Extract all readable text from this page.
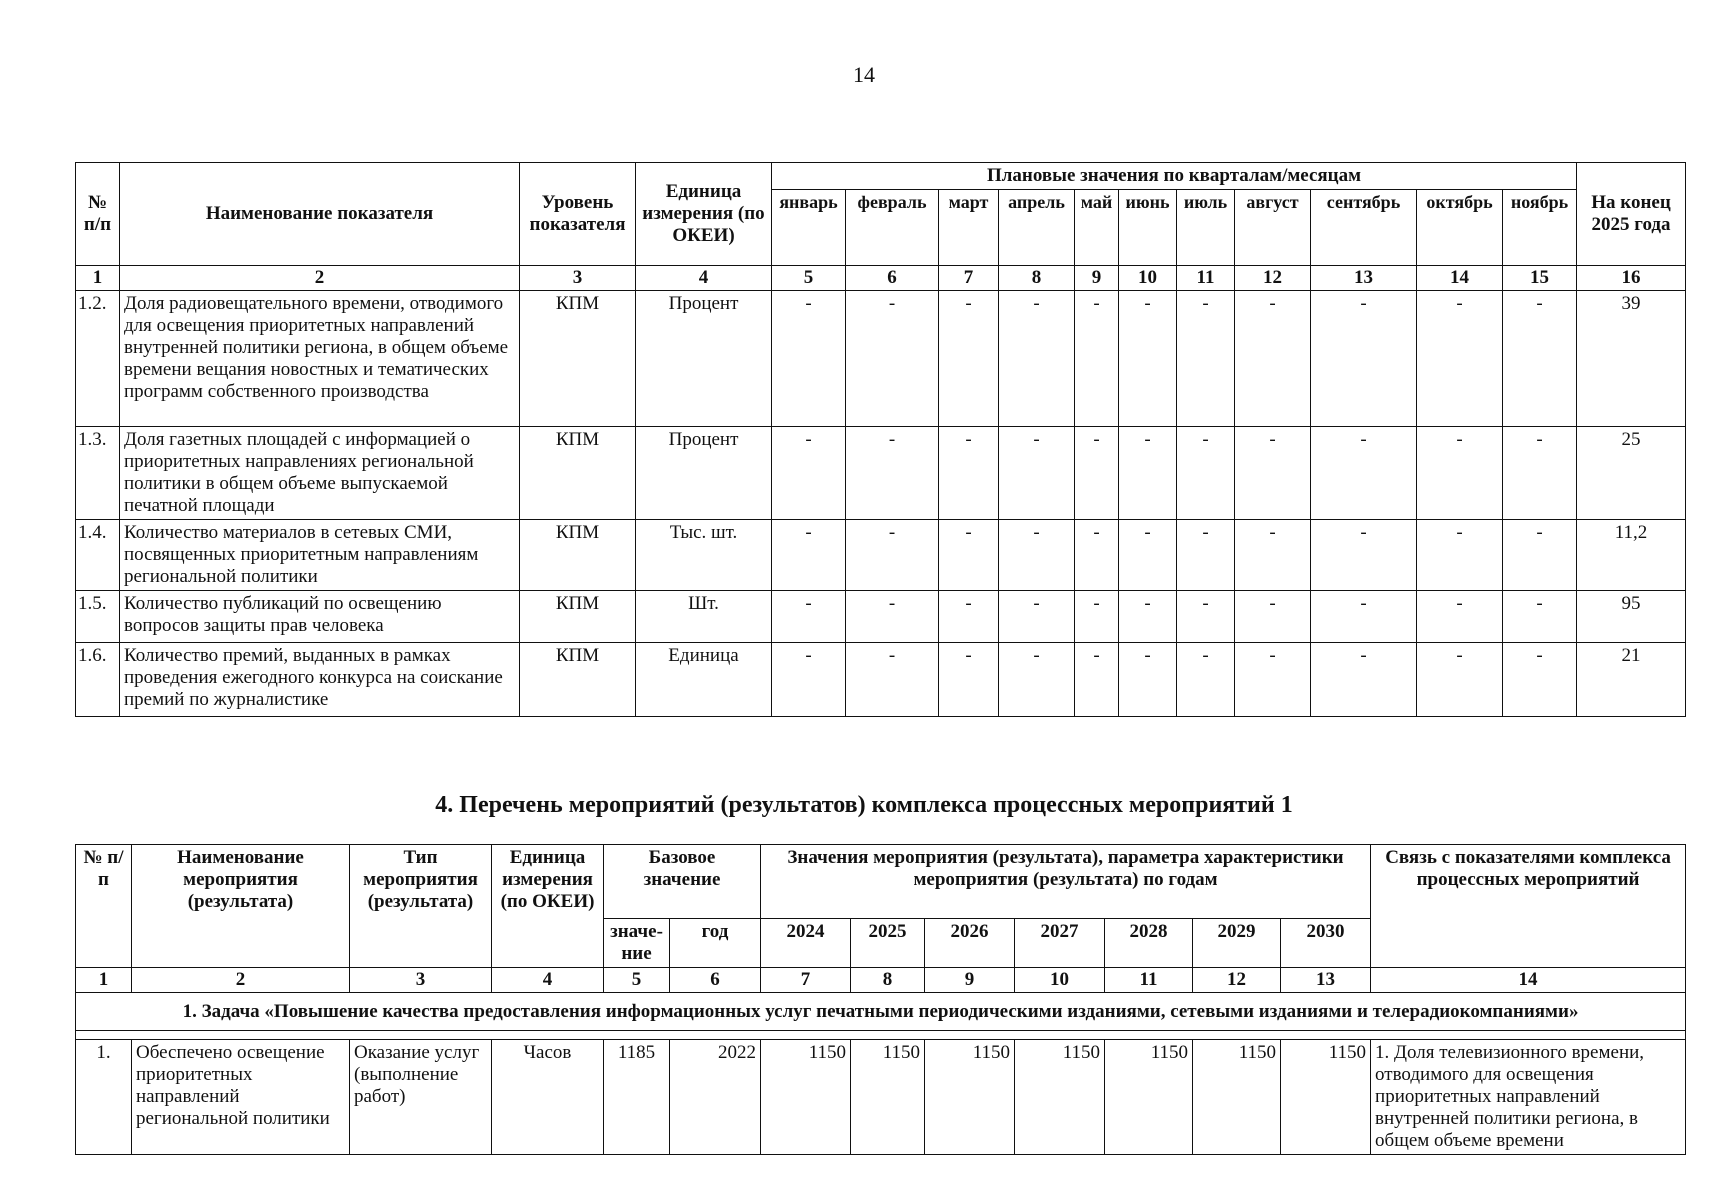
14
№ п/п	Наименование показателя	Уровень показателя	Единица измерения (по ОКЕИ)	Плановые значения по кварталам/месяцам											На конец 2025 года
				январь	февраль	март	апрель	май	июнь	июль	август	сентябрь	октябрь	ноябрь	
1	2	3	4	5	6	7	8	9	10	11	12	13	14	15	16
1.2.	Доля радиовещательного времени, отводимого для освещения приоритетных направлений внутренней политики региона, в общем объеме времени вещания новостных и тематических программ собственного производства	КПМ	Процент	-	-	-	-	-	-	-	-	-	-	-	39
1.3.	Доля газетных площадей с информацией о приоритетных направлениях региональной политики в общем объеме выпускаемой печатной площади	КПМ	Процент	-	-	-	-	-	-	-	-	-	-	-	25
1.4.	Количество материалов в сетевых СМИ, посвященных приоритетным направлениям региональной политики	КПМ	Тыс. шт.	-	-	-	-	-	-	-	-	-	-	-	11,2
1.5.	Количество публикаций по освещению вопросов защиты прав человека	КПМ	Шт.	-	-	-	-	-	-	-	-	-	-	-	95
1.6.	Количество премий, выданных в рамках проведения ежегодного конкурса на соискание премий по журналистике	КПМ	Единица	-	-	-	-	-	-	-	-	-	-	-	21
4. Перечень мероприятий (результатов) комплекса процессных мероприятий 1
№ п/п	Наименование мероприятия (результата)	Тип мероприятия (результата)	Единица измерения (по ОКЕИ)	Базовое значение		Значения мероприятия (результата), параметра характеристики мероприятия (результата) по годам							Связь с показателями комплекса процессных мероприятий
				значе- ние	год	2024	2025	2026	2027	2028	2029	2030	
1	2	3	4	5	6	7	8	9	10	11	12	13	14
1. Задача «Повышение качества предоставления информационных услуг печатными периодическими изданиями, сетевыми изданиями и телерадиокомпаниями»													

1.	Обеспечено освещение приоритетных направлений региональной политики	Оказание услуг (выполнение работ)	Часов	1185	2022	1150	1150	1150	1150	1150	1150	1150	1. Доля телевизионного времени, отводимого для освещения приоритетных направлений внутренней политики региона, в общем объеме времени
